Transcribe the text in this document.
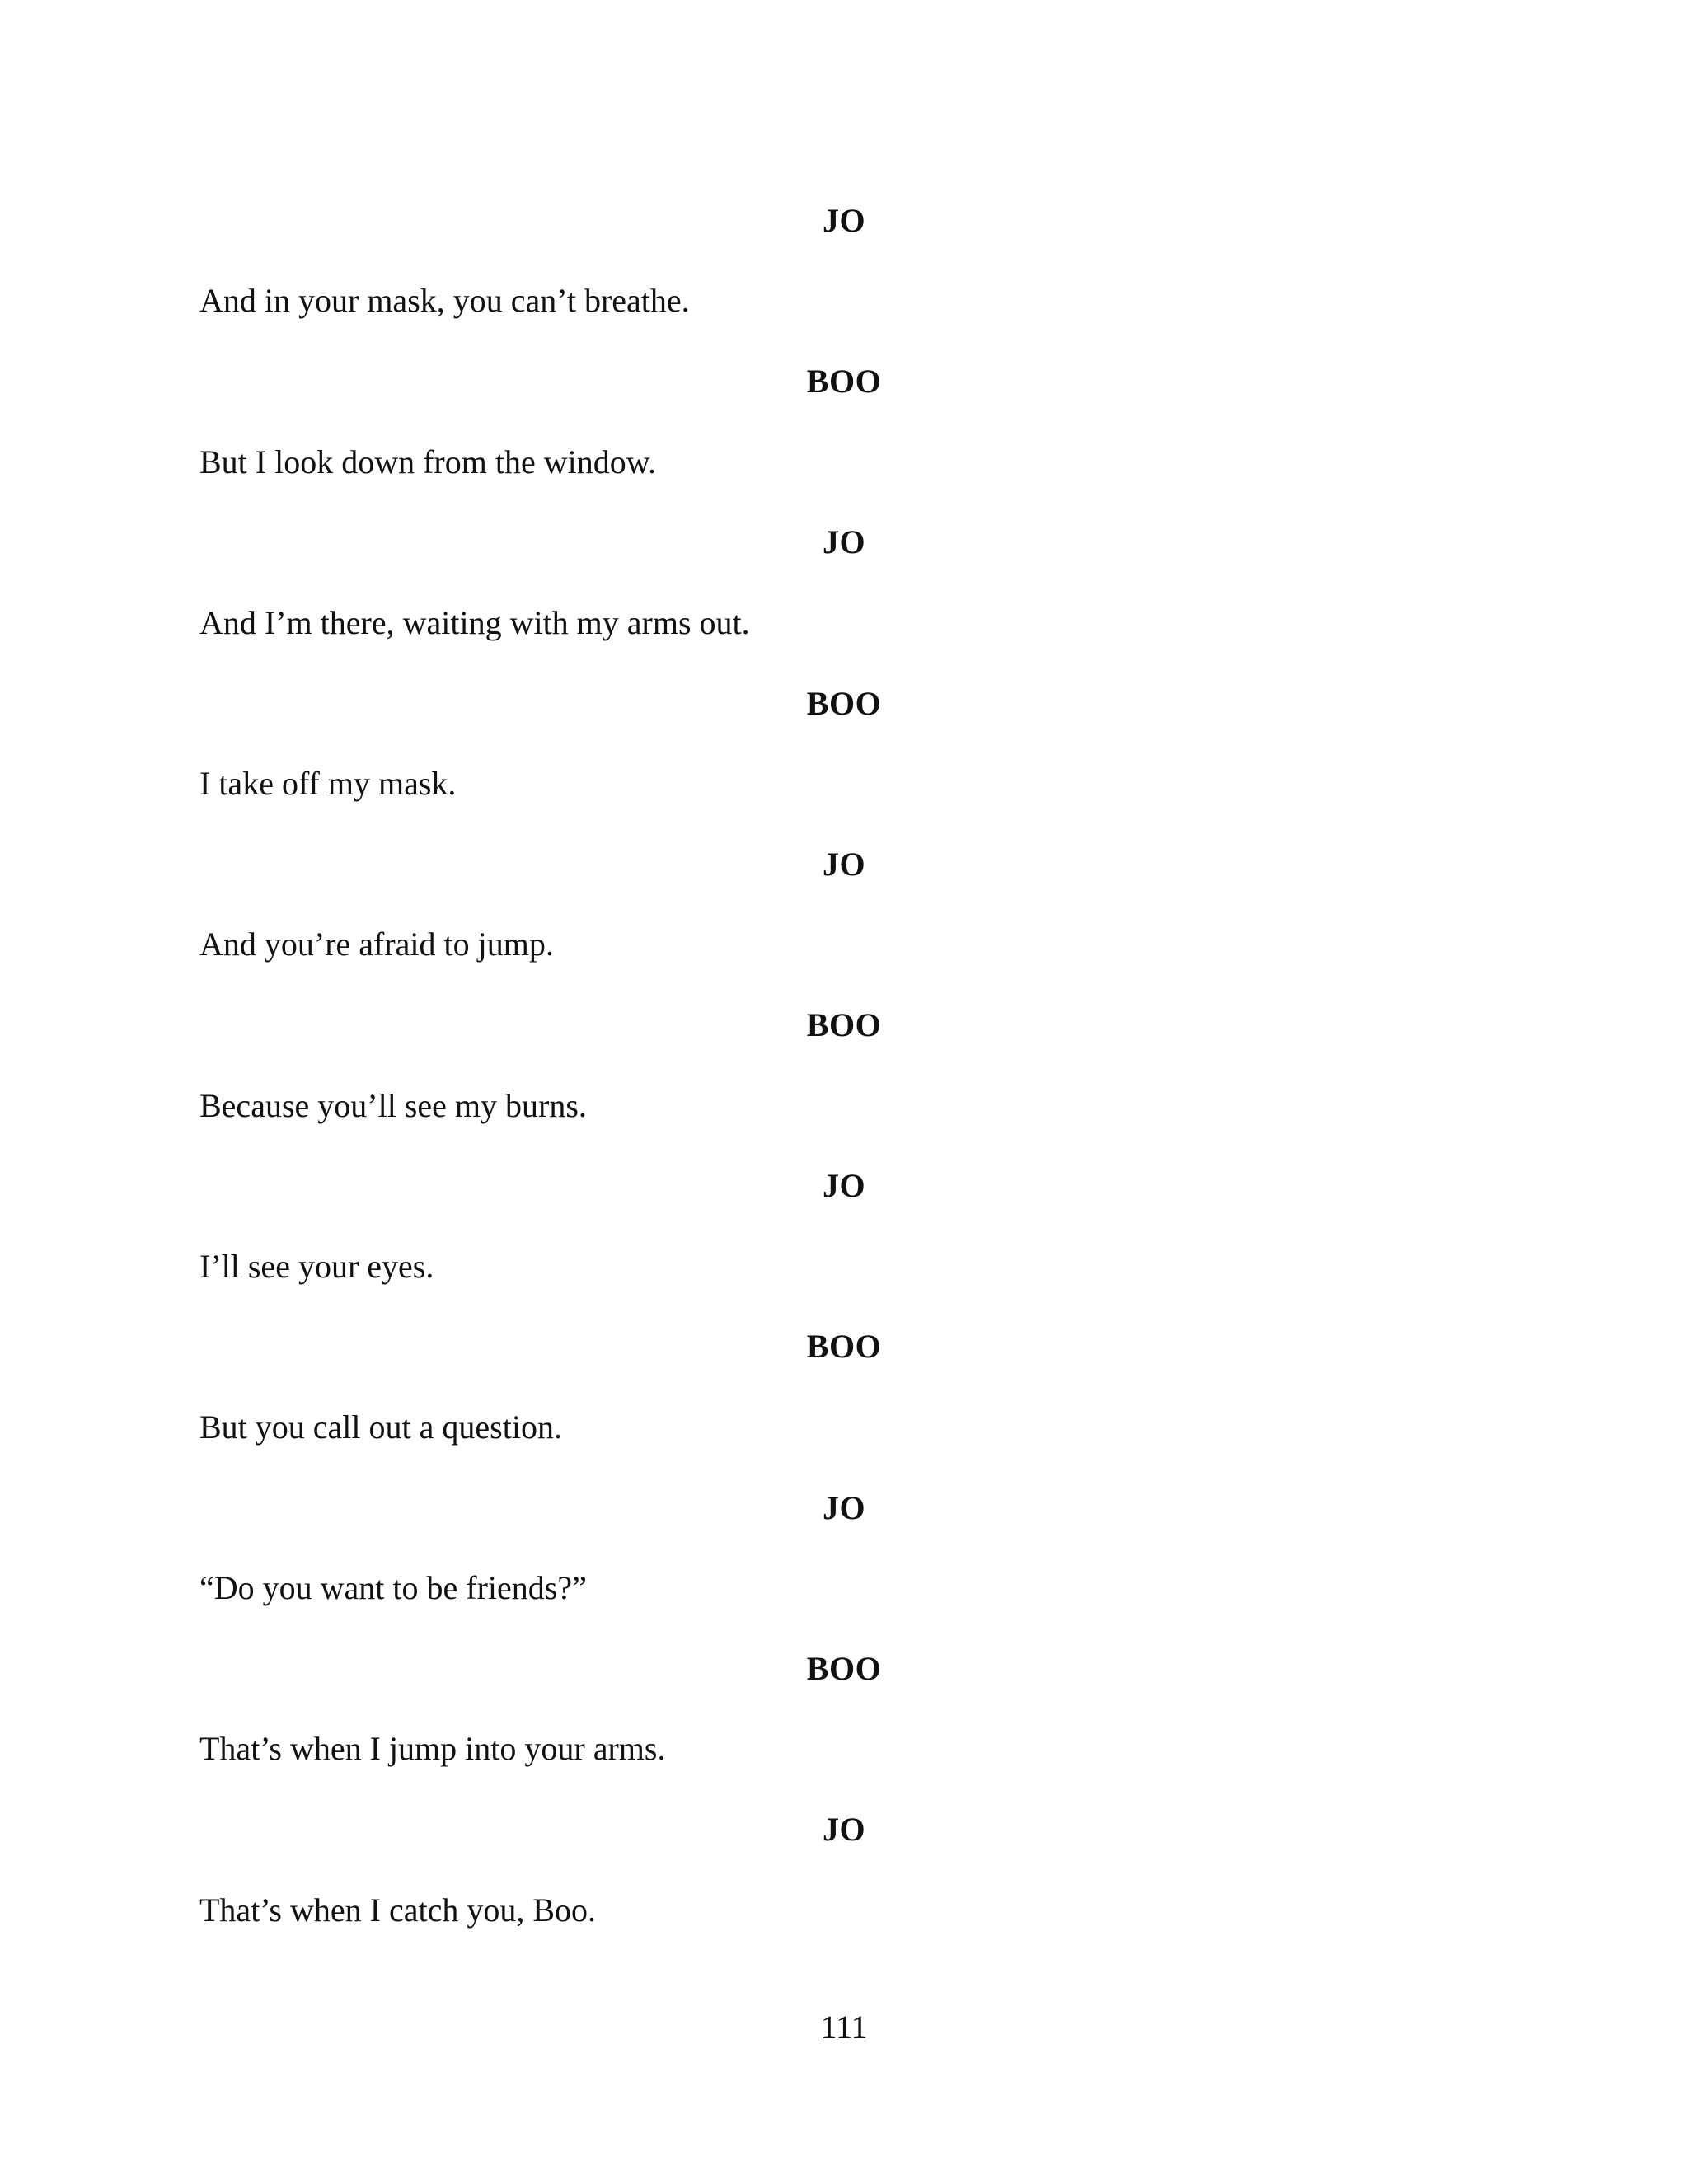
JO
And in your mask, you can’t breathe.
BOO
But I look down from the window.
JO
And I’m there, waiting with my arms out.
BOO
I take off my mask.
JO
And you’re afraid to jump.
BOO
Because you’ll see my burns.
JO
I’ll see your eyes.
BOO
But you call out a question.
JO
“Do you want to be friends?”
BOO
That’s when I jump into your arms.
JO
That’s when I catch you, Boo.
111
